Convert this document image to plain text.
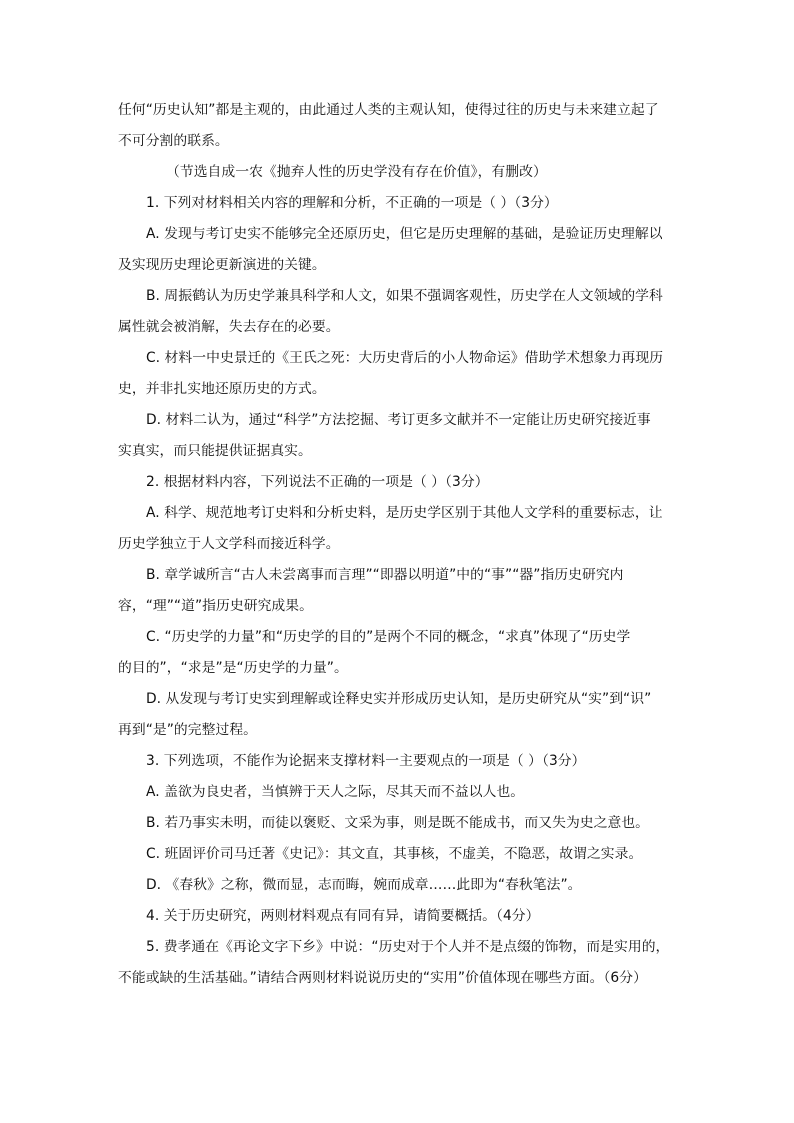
任何“历史认知”都是主观的，由此通过人类的主观认知，使得过往的历史与未来建立起了
不可分割的联系。
（节选自成一农《抛弃人性的历史学没有存在价值》，有删改）
1. 下列对材料相关内容的理解和分析，不正确的一项是（ ）（3分）
A. 发现与考订史实不能够完全还原历史，但它是历史理解的基础，是验证历史理解以
及实现历史理论更新演进的关键。
B. 周振鹤认为历史学兼具科学和人文，如果不强调客观性，历史学在人文领域的学科
属性就会被消解，失去存在的必要。
C. 材料一中史景迁的《王氏之死：大历史背后的小人物命运》借助学术想象力再现历
史，并非扎实地还原历史的方式。
D. 材料二认为，通过“科学”方法挖掘、考订更多文献并不一定能让历史研究接近事
实真实，而只能提供证据真实。
2. 根据材料内容，下列说法不正确的一项是（ ）（3分）
A. 科学、规范地考订史料和分析史料，是历史学区别于其他人文学科的重要标志，让
历史学独立于人文学科而接近科学。
B. 章学诚所言“古人未尝离事而言理”“即器以明道”中的“事”“器”指历史研究内
容，“理”“道”指历史研究成果。
C. “历史学的力量”和“历史学的目的”是两个不同的概念，“求真”体现了“历史学
的目的”，“求是”是“历史学的力量”。
D. 从发现与考订史实到理解或诠释史实并形成历史认知，是历史研究从“实”到“识”
再到“是”的完整过程。
3. 下列选项，不能作为论据来支撑材料一主要观点的一项是（ ）（3分）
A. 盖欲为良史者，当慎辨于天人之际，尽其天而不益以人也。
B. 若乃事实未明，而徒以褒贬、文采为事，则是既不能成书，而又失为史之意也。
C. 班固评价司马迁著《史记》：其文直，其事核，不虚美，不隐恶，故谓之实录。
D. 《春秋》之称，微而显，志而晦，婉而成章……此即为“春秋笔法”。
4. 关于历史研究，两则材料观点有同有异，请简要概括。（4分）
5. 费孝通在《再论文字下乡》中说：“历史对于个人并不是点缀的饰物，而是实用的，
不能或缺的生活基础。”请结合两则材料说说历史的“实用”价值体现在哪些方面。（6分）
